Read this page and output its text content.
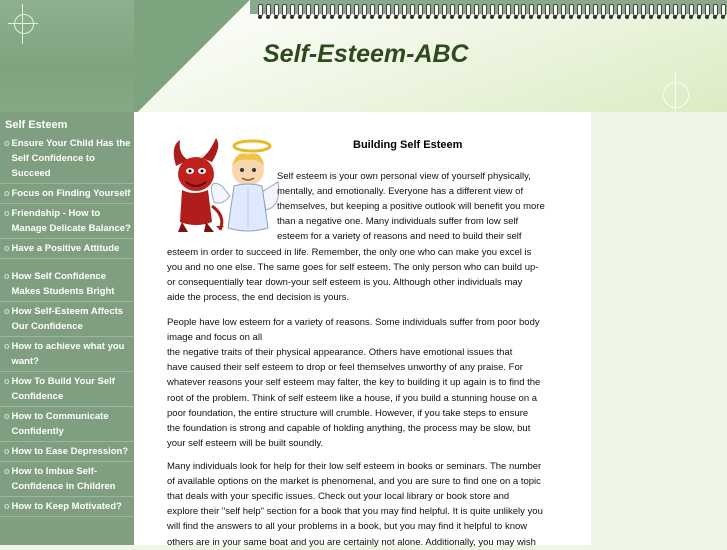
Self-Esteem-ABC
Self Esteem
o Ensure Your Child Has the Self Confidence to Succeed
o Focus on Finding Yourself
o Friendship - How to Manage Delicate Balance?
o Have a Positive Attitude
o How Self Confidence Makes Students Bright
o How Self-Esteem Affects Our Confidence
o How to achieve what you want?
o How To Build Your Self Confidence
o How to Communicate Confidently
o How to Ease Depression?
o How to Imbue Self-Confidence in Children
o How to Keep Motivated?
Building Self Esteem
Self esteem is your own personal view of yourself physically,
mentally, and emotionally. Everyone has a different view of
themselves, but keeping a positive outlook will benefit you more
than a negative one. Many individuals suffer from low self
esteem for a variety of reasons and need to build their self
esteem in order to succeed in life. Remember, the only one who can make you excel is
you and no one else. The same goes for self esteem. The only person who can build up-
or consequentially tear down-your self esteem is you. Although other individuals may
aide the process, the end decision is yours.
People have low esteem for a variety of reasons. Some individuals suffer from poor body
image and focus on all
the negative traits of their physical appearance. Others have emotional issues that
have caused their self esteem to drop or feel themselves unworthy of any praise. For
whatever reasons your self esteem may falter, the key to building it up again is to find the
root of the problem. Think of self esteem like a house, if you build a stunning house on a
poor foundation, the entire structure will crumble. However, if you take steps to ensure
the foundation is strong and capable of holding anything, the process may be slow, but
your self esteem will be built soundly.
Many individuals look for help for their low self esteem in books or seminars. The number
of available options on the market is phenomenal, and you are sure to find one on a topic
that deals with your specific issues. Check out your local library or book store and
explore their "self help" section for a book that you may find helpful. It is quite unlikely you
will find the answers to all your problems in a book, but you may find it helpful to know
others are in your same boat and you are certainly not alone. Additionally, you may wish
